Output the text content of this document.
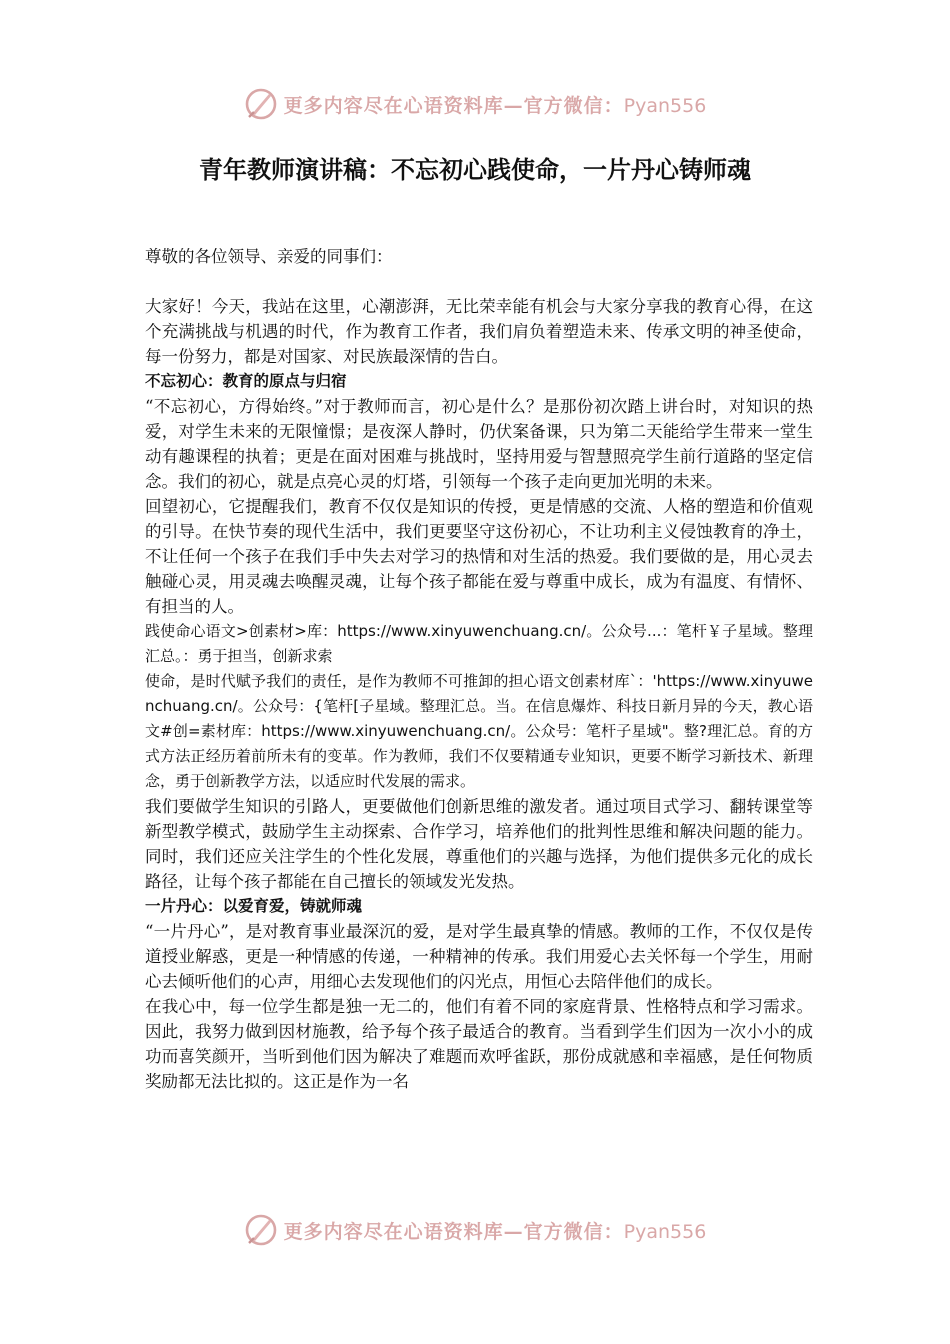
更多内容尽在心语资料库—官方微信：Pyan556
青年教师演讲稿：不忘初心践使命，一片丹心铸师魂

尊敬的各位领导、亲爱的同事们：

大家好！今天，我站在这里，心潮澎湃，无比荣幸能有机会与大家分享我的教育心得，在这个充满挑战与机遇的时代，作为教育工作者，我们肩负着塑造未来、传承文明的神圣使命，每一份努力，都是对国家、对民族最深情的告白。

不忘初心：教育的原点与归宿

“不忘初心，方得始终。”对于教师而言，初心是什么？是那份初次踏上讲台时，对知识的热爱，对学生未来的无限憧憬；是夜深人静时，仍伏案备课，只为第二天能给学生带来一堂生动有趣课程的执着；更是在面对困难与挑战时，坚持用爱与智慧照亮学生前行道路的坚定信念。我们的初心，就是点亮心灵的灯塔，引领每一个孩子走向更加光明的未来。

回望初心，它提醒我们，教育不仅仅是知识的传授，更是情感的交流、人格的塑造和价值观的引导。在快节奏的现代生活中，我们更要坚守这份初心，不让功利主义侵蚀教育的净土，不让任何一个孩子在我们手中失去对学习的热情和对生活的热爱。我们要做的是，用心灵去触碰心灵，用灵魂去唤醒灵魂，让每个孩子都能在爱与尊重中成长，成为有温度、有情怀、有担当的人。

践使命心语文>创素材>库：https://www.xinyuwenchuang.cn/。公众号...：笔杆￥子星域。整理汇总。：勇于担当，创新求索

使命，是时代赋予我们的责任，是作为教师不可推卸的担心语文创素材库`：'https://www.xinyuwenchuang.cn/。公众号：{笔杆[子星域。整理汇总。当。在信息爆炸、科技日新月异的今天，教心语文#创=素材库：https://www.xinyuwenchuang.cn/。公众号：笔杆子星域"。整?理汇总。育的方式方法正经历着前所未有的变革。作为教师，我们不仅要精通专业知识，更要不断学习新技术、新理念，勇于创新教学方法，以适应时代发展的需求。

我们要做学生知识的引路人，更要做他们创新思维的激发者。通过项目式学习、翻转课堂等新型教学模式，鼓励学生主动探索、合作学习，培养他们的批判性思维和解决问题的能力。同时，我们还应关注学生的个性化发展，尊重他们的兴趣与选择，为他们提供多元化的成长路径，让每个孩子都能在自己擅长的领域发光发热。

一片丹心：以爱育爱，铸就师魂

“一片丹心”，是对教育事业最深沉的爱，是对学生最真挚的情感。教师的工作，不仅仅是传道授业解惑，更是一种情感的传递，一种精神的传承。我们用爱心去关怀每一个学生，用耐心去倾听他们的心声，用细心去发现他们的闪光点，用恒心去陪伴他们的成长。

在我心中，每一位学生都是独一无二的，他们有着不同的家庭背景、性格特点和学习需求。因此，我努力做到因材施教，给予每个孩子最适合的教育。当看到学生们因为一次小小的成功而喜笑颜开，当听到他们因为解决了难题而欢呼雀跃，那份成就感和幸福感，是任何物质奖励都无法比拟的。这正是作为一名

更多内容尽在心语资料库—官方微信：Pyan556
